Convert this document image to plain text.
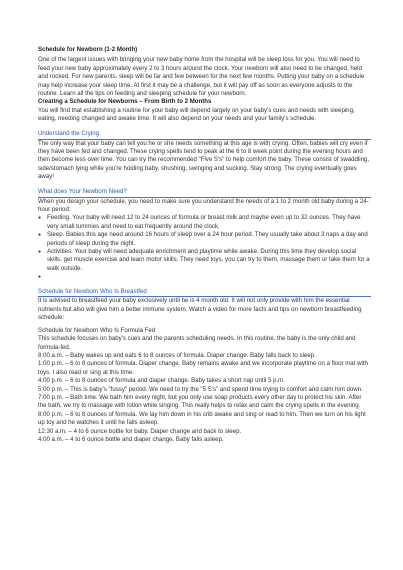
Schedule for Newborn (1-2 Month)

One of the largest issues with bringing your new baby home from the hospital will be sleep loss for you. You will need to feed your new baby approximately every 2 to 3 hours around the clock. Your newborn will also need to be changed, held and rocked. For new parents, sleep will be far and few between for the next few months. Putting your baby on a schedule may help increase your sleep time. At first it may be a challenge, but it will pay off as soon as everyone adjusts to the routine. Learn all the tips on feeding and sleeping schedule for your newborn.

Creating a Schedule for Newborns – From Birth to 2 Months

You will find that establishing a routine for your baby will depend largely on your baby's cues and needs with sleeping, eating, needing changed and awake time. It will also depend on your needs and your family's schedule.

Understand the Crying

The only way that your baby can tell you he or she needs something at this age is with crying. Often, babies will cry even if they have been fed and changed. These crying spells tend to peak at the 6 to 8 week point during the evening hours and then become less over time. You can try the recommended "Five S's" to help comfort the baby. These consist of swaddling, side/stomach lying while you're holding baby, shushing, swinging and sucking. Stay strong. The crying eventually goes away!

What does Your Newborn Need?

When you design your schedule, you need to make sure you understand the needs of a 1 to 2 month old baby during a 24-hour period:

● Feeding. Your baby will need 12 to 24 ounces of formula or breast milk and maybe even up to 32 ounces. They have very small tummies and need to eat frequently around the clock.
● Sleep. Babies this age need around 16 hours of sleep over a 24 hour period. They usually take about 3 naps a day and periods of sleep during the night.
● Activities. Your baby will need adequate enrichment and playtime while awake. During this time they develop social skills, get muscle exercise and learn motor skills. They need toys, you can try to them, massage them or take them for a walk outside.
●

Schedule for Newborn Who Is Breastfed

It is advised to breastfeed your baby exclusively until he is 4 month old. It will not only provide with him the essential nutrients but also will give him a better immune system. Watch a video for more facts and tips on newborn breastfeeding schedule:

Schedule for Newborn Who Is Formula Fed

This schedule focuses on baby's cues and the parents scheduling needs. In this routine, the baby is the only child and formula-fed.
8:00 a.m. – Baby wakes up and eats 6 to 8 ounces of formula. Diaper change. Baby falls back to sleep.
1:00 p.m. – 6 to 8 ounces of formula. Diaper change. Baby remains awake and we incorporate playtime on a floor mat with toys. I also read or sing at this time.
4:00 p.m. – 6 to 8 ounces of formula and diaper change. Baby takes a short nap until 5 p.m.
5:00 p.m. – This is baby's "fussy" period. We need to try the "5 S's" and spend time trying to comfort and calm him down.
7:00 p.m. – Bath time. We bath him every night, but you only use soap products every other day to protect his skin. After the bath, we try to massage with lotion while singing. This really helps to relax and calm the crying spells in the evening.
8:00 p.m. – 6 to 8 ounces of formula. We lay him down in his crib awake and sing or read to him. Then we turn on his light up toy and he watches it until he falls asleep.
12:30 a.m. – 4 to 6 ounce bottle for baby. Diaper change and back to sleep.
4:00 a.m. – 4 to 6 ounce bottle and diaper change. Baby falls asleep.
